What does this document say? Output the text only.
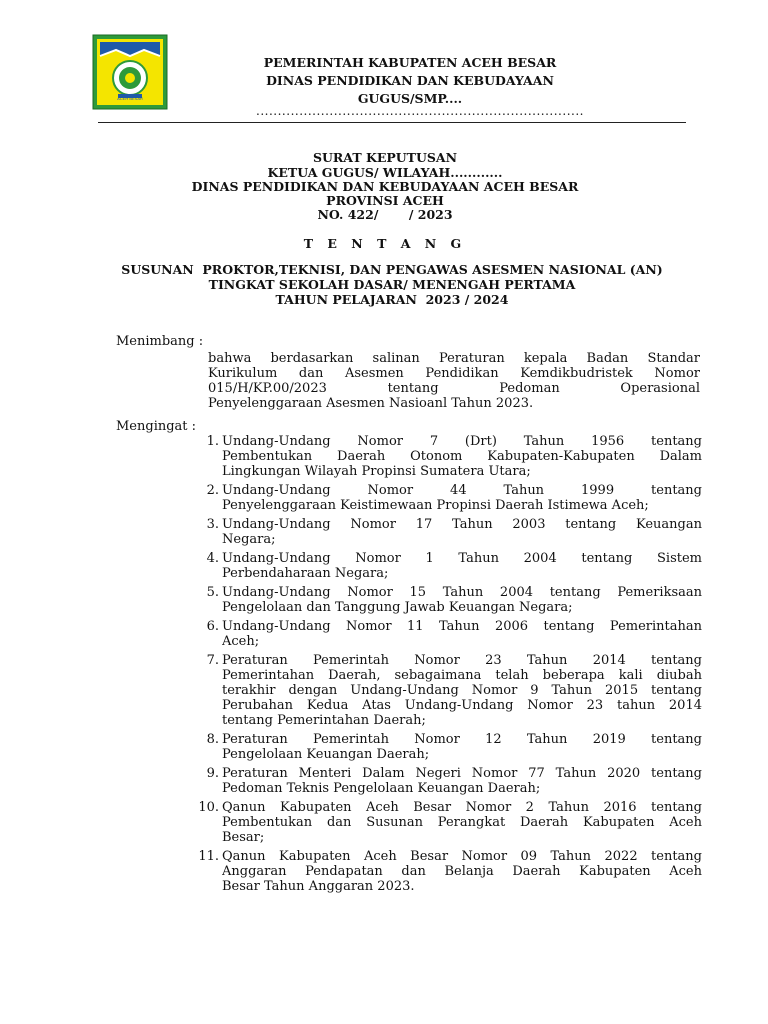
ACEH BESAR
PEMERINTAH KABUPATEN ACEH BESAR
DINAS PENDIDIKAN DAN KEBUDAYAAN
GUGUS/SMP....
............................................................................
SURAT KEPUTUSAN
KETUA GUGUS/ WILAYAH............
DINAS PENDIDIKAN DAN KEBUDAYAAN ACEH BESAR
PROVINSI ACEH
NO. 422/       / 2023
T E N T A N G
SUSUNAN  PROKTOR,TEKNISI, DAN PENGAWAS ASESMEN NASIONAL (AN)
TINGKAT SEKOLAH DASAR/ MENENGAH PERTAMA
TAHUN PELAJARAN  2023 / 2024
Menimbang :
bahwa berdasarkan salinan Peraturan kepala Badan Standar
Kurikulum dan Asesmen Pendidikan Kemdikbudristek Nomor
015/H/KP.00/2023 tentang Pedoman Operasional
Penyelenggaraan Asesmen Nasioanl Tahun 2023.
Mengingat :
1. Undang-Undang Nomor 7 (Drt) Tahun 1956 tentang
Pembentukan Daerah Otonom Kabupaten-Kabupaten Dalam
Lingkungan Wilayah Propinsi Sumatera Utara;
2. Undang-Undang Nomor 44 Tahun 1999 tentang
Penyelenggaraan Keistimewaan Propinsi Daerah Istimewa Aceh;
3. Undang-Undang Nomor 17 Tahun 2003 tentang Keuangan
Negara;
4. Undang-Undang Nomor 1 Tahun 2004 tentang Sistem
Perbendaharaan Negara;
5. Undang-Undang Nomor 15 Tahun 2004 tentang Pemeriksaan
Pengelolaan dan Tanggung Jawab Keuangan Negara;
6. Undang-Undang Nomor 11 Tahun 2006 tentang Pemerintahan
Aceh;
7. Peraturan Pemerintah Nomor 23 Tahun 2014 tentang
Pemerintahan Daerah, sebagaimana telah beberapa kali diubah
terakhir dengan Undang-Undang Nomor 9 Tahun 2015 tentang
Perubahan Kedua Atas Undang-Undang Nomor 23 tahun 2014
tentang Pemerintahan Daerah;
8. Peraturan Pemerintah Nomor 12 Tahun 2019 tentang
Pengelolaan Keuangan Daerah;
9. Peraturan Menteri Dalam Negeri Nomor 77 Tahun 2020 tentang
Pedoman Teknis Pengelolaan Keuangan Daerah;
10. Qanun Kabupaten Aceh Besar Nomor 2 Tahun 2016 tentang
Pembentukan dan Susunan Perangkat Daerah Kabupaten Aceh
Besar;
11. Qanun Kabupaten Aceh Besar Nomor 09 Tahun 2022 tentang
Anggaran Pendapatan dan Belanja Daerah Kabupaten Aceh
Besar Tahun Anggaran 2023.
